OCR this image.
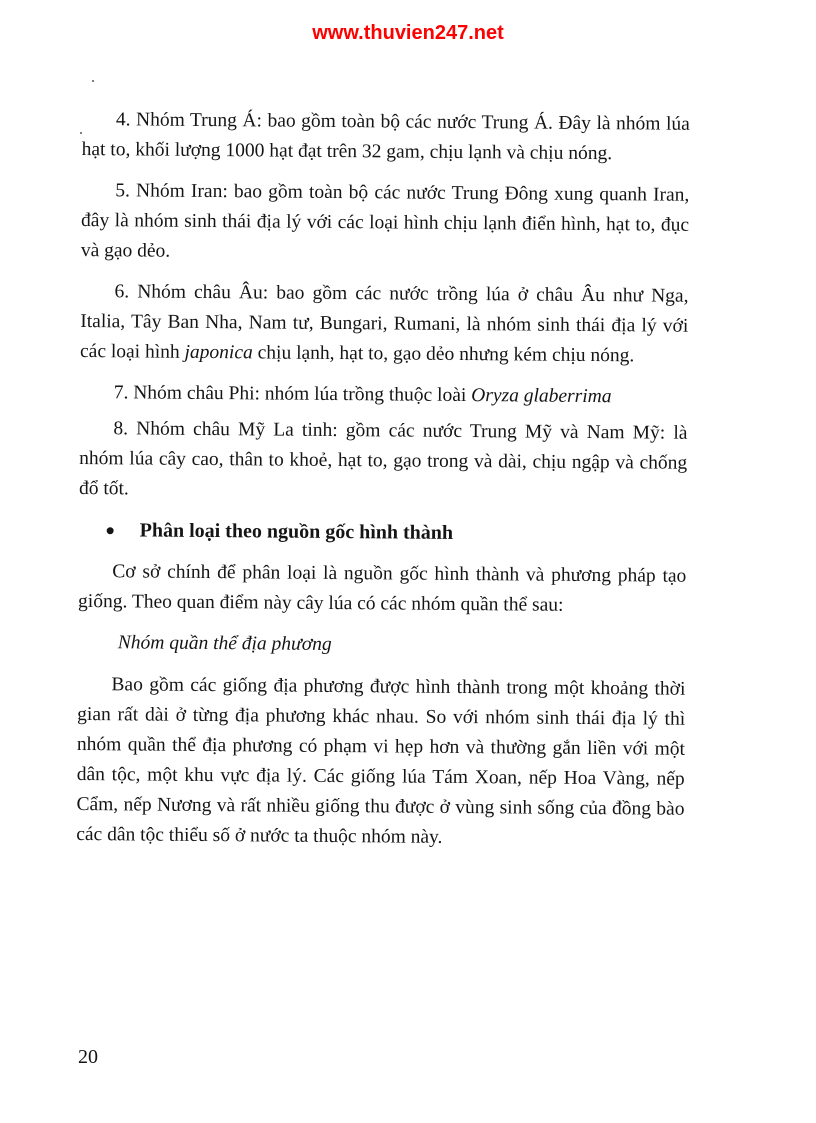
www.thuvien247.net

4. Nhóm Trung Á: bao gồm toàn bộ các nước Trung Á. Đây là nhóm lúa hạt to, khối lượng 1000 hạt đạt trên 32 gam, chịu lạnh và chịu nóng.

5. Nhóm Iran: bao gồm toàn bộ các nước Trung Đông xung quanh Iran, đây là nhóm sinh thái địa lý với các loại hình chịu lạnh điển hình, hạt to, đục và gạo dẻo.

6. Nhóm châu Âu: bao gồm các nước trồng lúa ở châu Âu như Nga, Italia, Tây Ban Nha, Nam tư, Bungari, Rumani, là nhóm sinh thái địa lý với các loại hình japonica chịu lạnh, hạt to, gạo dẻo nhưng kém chịu nóng.

7. Nhóm châu Phi: nhóm lúa trồng thuộc loài Oryza glaberrima

8. Nhóm châu Mỹ La tinh: gồm các nước Trung Mỹ và Nam Mỹ: là nhóm lúa cây cao, thân to khoẻ, hạt to, gạo trong và dài, chịu ngập và chống đổ tốt.

Phân loại theo nguồn gốc hình thành

Cơ sở chính để phân loại là nguồn gốc hình thành và phương pháp tạo giống. Theo quan điểm này cây lúa có các nhóm quần thể sau:

Nhóm quần thể địa phương

Bao gồm các giống địa phương được hình thành trong một khoảng thời gian rất dài ở từng địa phương khác nhau. So với nhóm sinh thái địa lý thì nhóm quần thể địa phương có phạm vi hẹp hơn và thường gắn liền với một dân tộc, một khu vực địa lý. Các giống lúa Tám Xoan, nếp Hoa Vàng, nếp Cẩm, nếp Nương và rất nhiều giống thu được ở vùng sinh sống của đồng bào các dân tộc thiểu số ở nước ta thuộc nhóm này.

20
